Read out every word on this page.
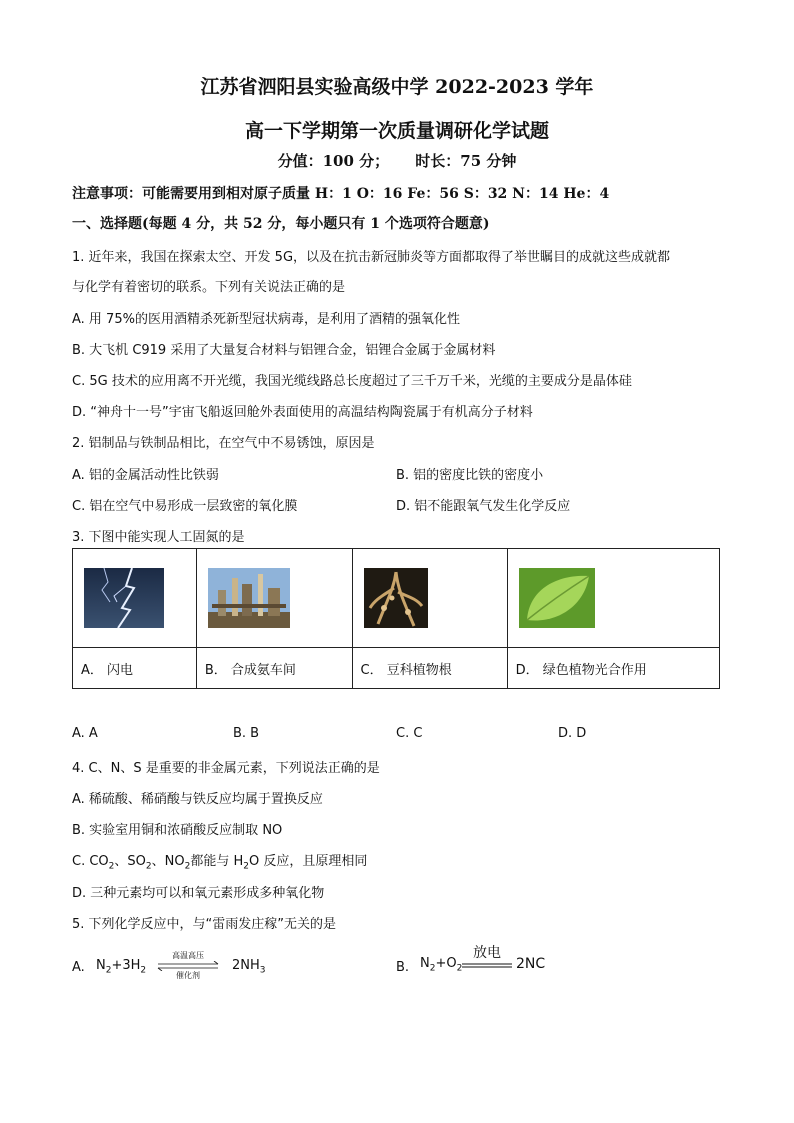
江苏省泗阳县实验高级中学 2022-2023 学年
高一下学期第一次质量调研化学试题
分值：100 分；     时长：75 分钟
注意事项：可能需要用到相对原子质量 H：1 O：16 Fe：56 S：32 N：14 He：4
一、选择题(每题 4 分，共 52 分，每小题只有 1 个选项符合题意)
1. 近年来，我国在探索太空、开发 5G，以及在抗击新冠肺炎等方面都取得了举世瞩目的成就这些成就都
与化学有着密切的联系。下列有关说法正确的是
A. 用 75%的医用酒精杀死新型冠状病毒，是利用了酒精的强氧化性
B. 大飞机 C919 采用了大量复合材料与铝锂合金，铝锂合金属于金属材料
C. 5G 技术的应用离不开光缆，我国光缆线路总长度超过了三千万千米，光缆的主要成分是晶体硅
D. “神舟十一号”宇宙飞船返回舱外表面使用的高温结构陶瓷属于有机高分子材料
2. 铝制品与铁制品相比，在空气中不易锈蚀，原因是
A. 铝的金属活动性比铁弱	B. 铝的密度比铁的密度小
C. 铝在空气中易形成一层致密的氧化膜	D. 铝不能跟氧气发生化学反应
3. 下图中能实现人工固氮的是

A． 闪电	B． 合成氨车间	C． 豆科植物根	D． 绿色植物光合作用
A. A	B. B	C. C	D. D
4. C、N、S 是重要的非金属元素，下列说法正确的是
A. 稀硫酸、稀硝酸与铁反应均属于置换反应
B. 实验室用铜和浓硝酸反应制取 NO
C. $CO_2$、$SO_2$、$NO_2$都能与 $H_2O$ 反应，且原理相同
D. 三种元素均可以和氧元素形成多种氧化物
5. 下列化学反应中，与“雷雨发庄稼”无关的是
A. $N_2+3H_2$
高温高压
催化剂
$2NH_3$	B. $N_2+O_2$
放电
2NC
